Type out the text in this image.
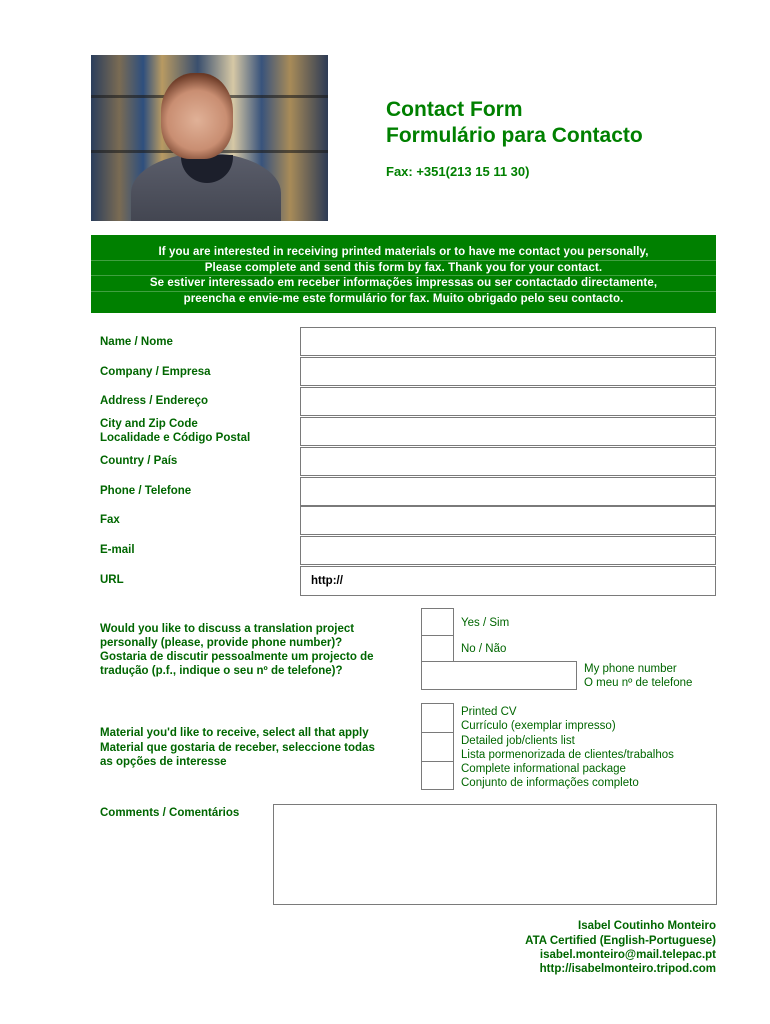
Contact Form
Formulário para Contacto
Fax: +351(213 15 11 30)
If you are interested in receiving printed materials or to have me contact you personally,
Please complete and send this form by fax. Thank you for your contact.
Se estiver interessado em receber informações impressas ou ser contactado directamente,
preencha e envie-me este formulário for fax. Muito obrigado pelo seu contacto.
Name / Nome
Company / Empresa
Address / Endereço
City and Zip Code
Localidade e Código Postal
Country / País
Phone / Telefone
Fax
E-mail
URL	http://
Would you like to discuss a translation project
personally (please, provide phone number)?
Gostaria de discutir pessoalmente um projecto de
tradução (p.f., indique o seu nº de telefone)?
Yes / Sim
No / Não
My phone number
O meu nº de telefone
Material you'd like to receive, select all that apply
Material que gostaria de receber, seleccione todas
as opções de interesse
Printed CV
Currículo (exemplar impresso)
Detailed job/clients list
Lista pormenorizada de clientes/trabalhos
Complete informational package
Conjunto de informações completo
Comments / Comentários
Isabel Coutinho Monteiro
ATA Certified (English-Portuguese)
isabel.monteiro@mail.telepac.pt
http://isabelmonteiro.tripod.com
